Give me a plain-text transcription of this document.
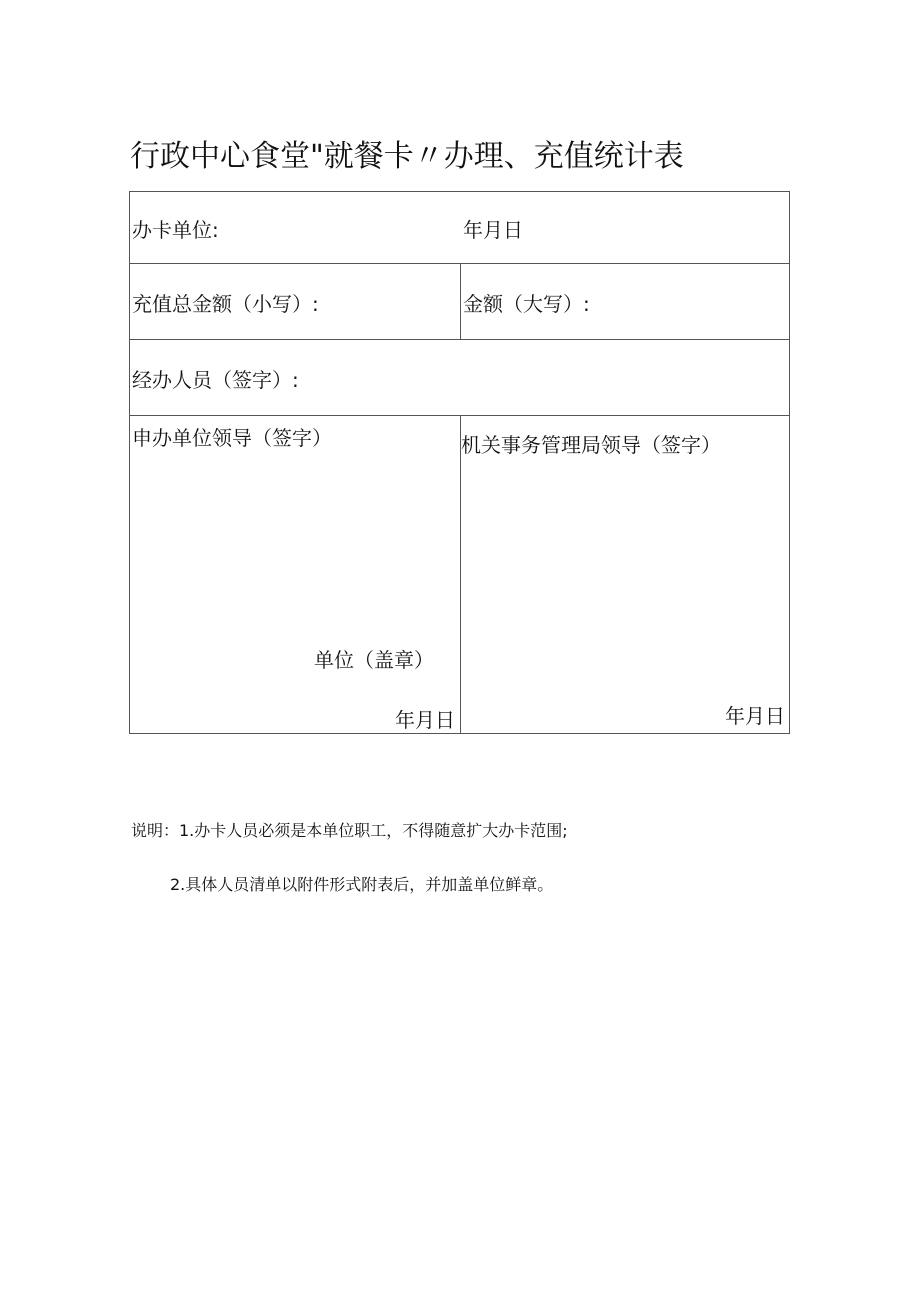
行政中心食堂"就餐卡〃办理、充值统计表
办卡单位:	年月日
充值总金额（小写）:	金额（大写）:
经办人员（签字）:
申办单位领导（签字）
单位（盖章）
年月日
机关事务管理局领导（签字）
年月日
说明：1.办卡人员必须是本单位职工，不得随意扩大办卡范围;
2.具体人员清单以附件形式附表后，并加盖单位鲜章。
